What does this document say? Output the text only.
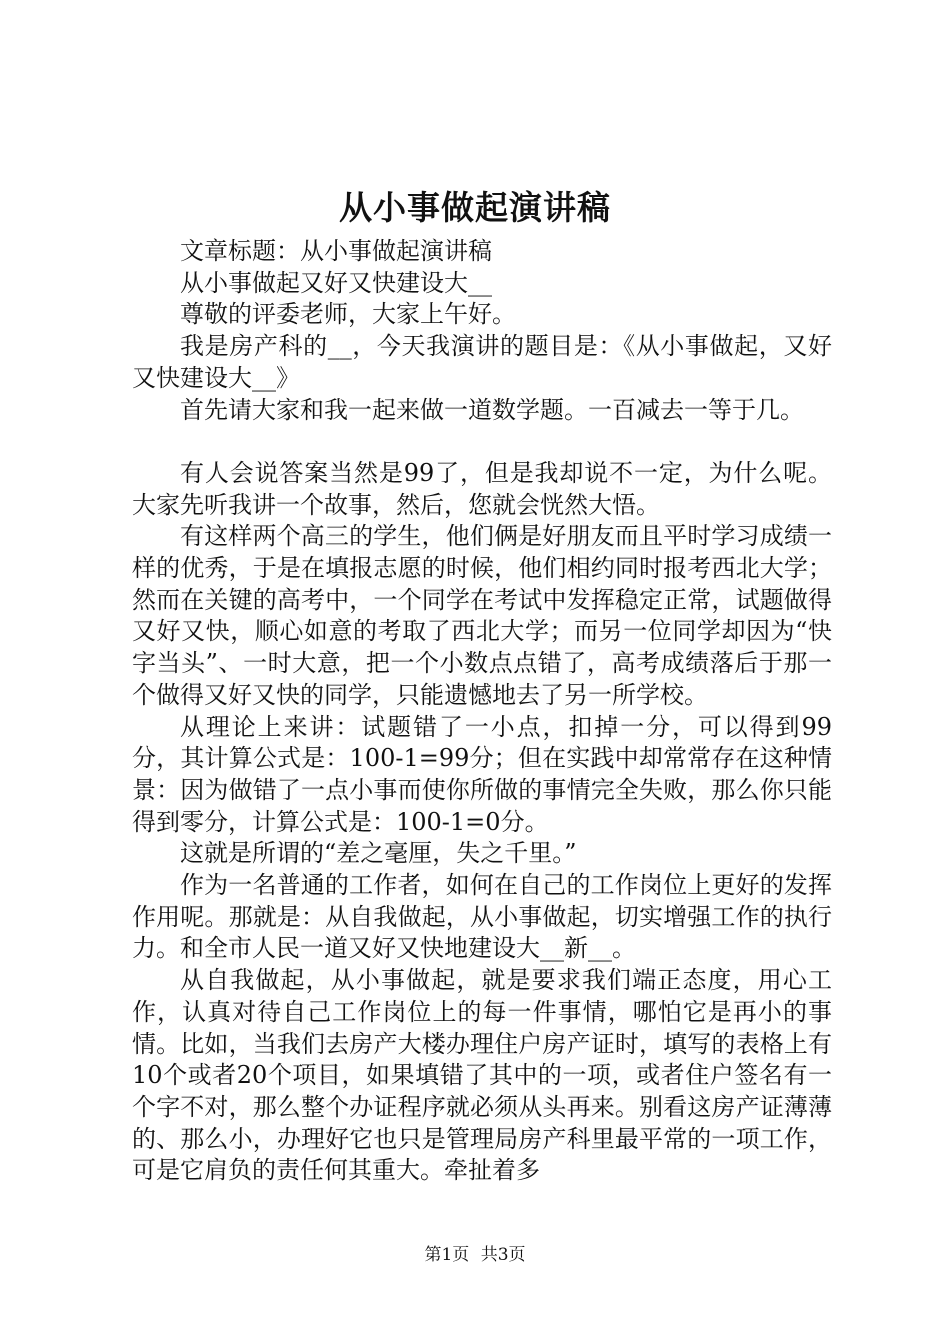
从小事做起演讲稿

文章标题：从小事做起演讲稿

从小事做起又好又快建设大__

尊敬的评委老师，大家上午好。

我是房产科的__，今天我演讲的题目是：《从小事做起，又好又快建设大__》

首先请大家和我一起来做一道数学题。一百减去一等于几。

有人会说答案当然是99了，但是我却说不一定，为什么呢。大家先听我讲一个故事，然后，您就会恍然大悟。

有这样两个高三的学生，他们俩是好朋友而且平时学习成绩一样的优秀，于是在填报志愿的时候，他们相约同时报考西北大学；然而在关键的高考中，一个同学在考试中发挥稳定正常，试题做得又好又快，顺心如意的考取了西北大学；而另一位同学却因为“快字当头”、一时大意，把一个小数点点错了，高考成绩落后于那一个做得又好又快的同学，只能遗憾地去了另一所学校。

从理论上来讲：试题错了一小点，扣掉一分，可以得到99分，其计算公式是：100-1=99分；但在实践中却常常存在这种情景：因为做错了一点小事而使你所做的事情完全失败，那么你只能得到零分，计算公式是：100-1=0分。

这就是所谓的“差之毫厘，失之千里。”

作为一名普通的工作者，如何在自己的工作岗位上更好的发挥作用呢。那就是：从自我做起，从小事做起，切实增强工作的执行力。和全市人民一道又好又快地建设大__新__。

从自我做起，从小事做起，就是要求我们端正态度，用心工作，认真对待自己工作岗位上的每一件事情，哪怕它是再小的事情。比如，当我们去房产大楼办理住户房产证时，填写的表格上有10个或者20个项目，如果填错了其中的一项，或者住户签名有一个字不对，那么整个办证程序就必须从头再来。别看这房产证薄薄的、那么小，办理好它也只是管理局房产科里最平常的一项工作，可是它肩负的责任何其重大。牵扯着多

第1页 共3页
